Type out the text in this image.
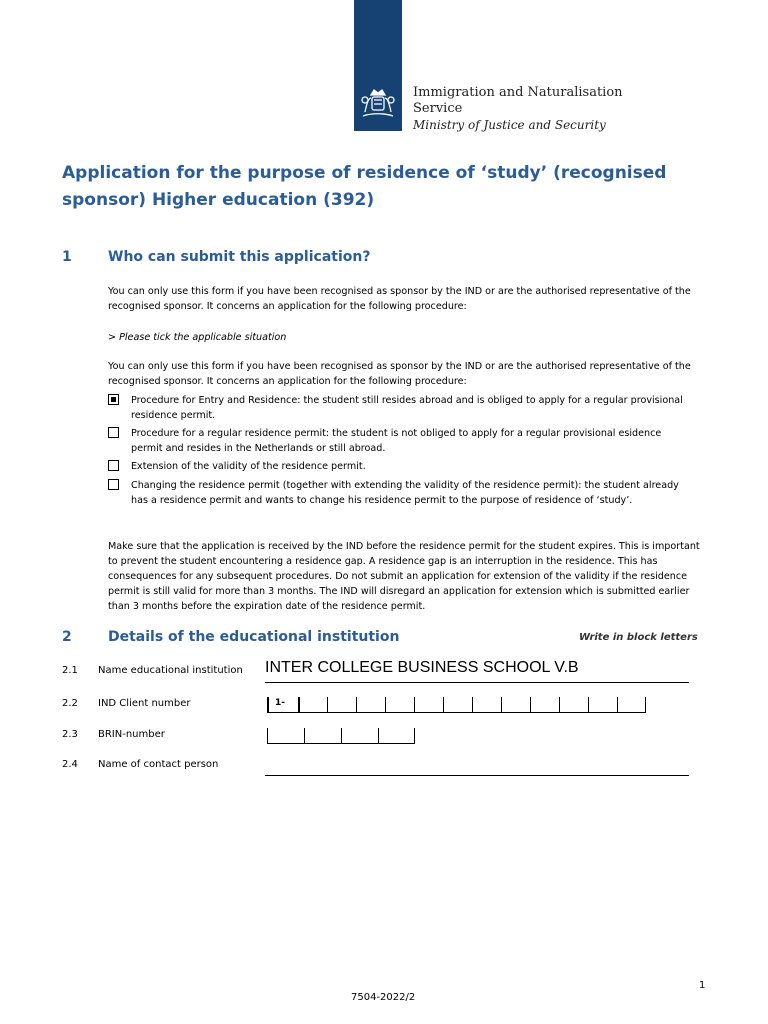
Immigration and Naturalisation
Service
Ministry of Justice and Security
Application for the purpose of residence of ‘study’ (recognised sponsor) Higher education (392)
1	Who can submit this application?

You can only use this form if you have been recognised as sponsor by the IND or are the authorised representative of the recognised sponsor. It concerns an application for the following procedure:

> Please tick the applicable situation

You can only use this form if you have been recognised as sponsor by the IND or are the authorised representative of the recognised sponsor. It concerns an application for the following procedure:

Procedure for Entry and Residence: the student still resides abroad and is obliged to apply for a regular provisional residence permit.
Procedure for a regular residence permit: the student is not obliged to apply for a regular provisional esidence permit and resides in the Netherlands or still abroad.
Extension of the validity of the residence permit.
Changing the residence permit (together with extending the validity of the residence permit): the student already has a residence permit and wants to change his residence permit to the purpose of residence of ‘study’.

Make sure that the application is received by the IND before the residence permit for the student expires. This is important to prevent the student encountering a residence gap. A residence gap is an interruption in the residence. This has consequences for any subsequent procedures. Do not submit an application for extension of the validity if the residence permit is still valid for more than 3 months. The IND will disregard an application for extension which is submitted earlier than 3 months before the expiration date of the residence permit.

2	Details of the educational institution	Write in block letters
2.1 Name educational institution INTER COLLEGE BUSINESS SCHOOL V.B
2.2 IND Client number	1-
2.3 BRIN-number
2.4 Name of contact person
1
7504-2022/2
